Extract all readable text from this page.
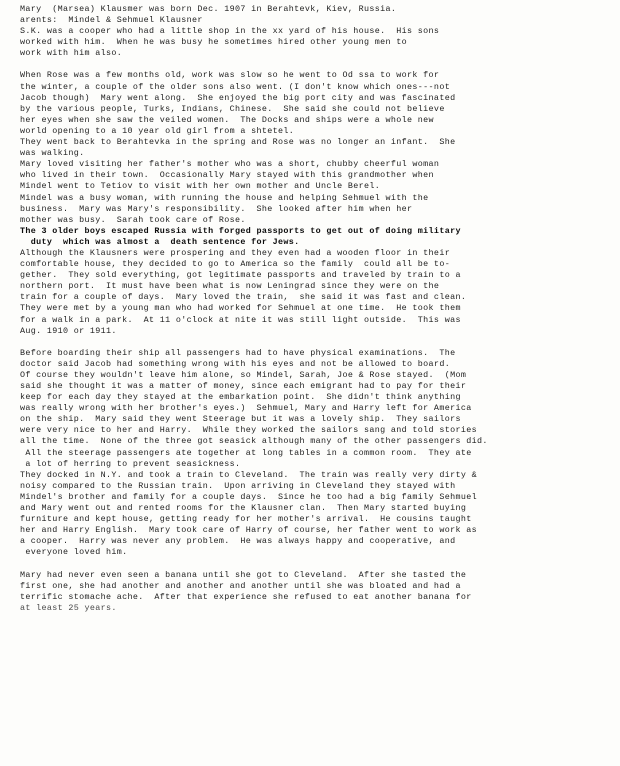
Mary  (Marsea) Klausmer was born Dec. 1907 in Berahtevk, Kiev, Russia.
arents:  Mindel & Sehmuel Klausner
S.K. was a cooper who had a little shop in the xx yard of his house.  His sons
worked with him.  When he was busy he sometimes hired other young men to
work with him also.
When Rose was a few months old, work was slow so he went to Od ssa to work for
the winter, a couple of the older sons also went. (I don't know which ones---not
Jacob though)  Mary went along.  She enjoyed the big port city and was fascinated
by the various people, Turks, Indians, Chinese.  She said she could not believe
her eyes when she saw the veiled women.  The Docks and ships were a whole new
world opening to a 10 year old girl from a shtetel.
They went back to Berahtevka in the spring and Rose was no longer an infant.  She
was walking.
Mary loved visiting her father's mother who was a short, chubby cheerful woman
who lived in their town.  Occasionally Mary stayed with this grandmother when
Mindel went to Tetiov to visit with her own mother and Uncle Berel.
Mindel was a busy woman, with running the house and helping Sehmuel with the
business.  Mary was Mary's responsibility.  She looked after him when her
mother was busy.  Sarah took care of Rose.
The 3 older boys escaped Russia with forged passports to get out of doing military
duty  which was almost a  death sentence for Jews.
Although the Klausners were prospering and they even had a wooden floor in their
comfortable house, they decided to go to America so the family  could all be to-
gether.  They sold everything, got legitimate passports and traveled by train to a
northern port.  It must have been what is now Leningrad since they were on the
train for a couple of days.  Mary loved the train,  she said it was fast and clean.
They were met by a young man who had worked for Sehmuel at one time.  He took them
for a walk in a park.  At 11 o'clock at nite it was still light outside.  This was
Aug. 1910 or 1911.
Before boarding their ship all passengers had to have physical examinations.  The
doctor said Jacob had something wrong with his eyes and not be allowed to board.
Of course they wouldn't leave him alone, so Mindel, Sarah, Joe & Rose stayed.  (Mom
said she thought it was a matter of money, since each emigrant had to pay for their
keep for each day they stayed at the embarkation point.  She didn't think anything
was really wrong with her brother's eyes.)  Sehmuel, Mary and Harry left for America
on the ship.  Mary said they went Steerage but it was a lovely ship.  They sailors
were very nice to her and Harry.  While they worked the sailors sang and told stories
all the time.  None of the three got seasick although many of the other passengers did.
All the steerage passengers ate together at long tables in a common room.  They ate
a lot of herring to prevent seasickness.
They docked in N.Y. and took a train to Cleveland.  The train was really very dirty &
noisy compared to the Russian train.  Upon arriving in Cleveland they stayed with
Mindel's brother and family for a couple days.  Since he too had a big family Sehmuel
and Mary went out and rented rooms for the Klausner clan.  Then Mary started buying
furniture and kept house, getting ready for her mother's arrival.  He cousins taught
her and Harry English.  Mary took care of Harry of course, her father went to work as
a cooper.  Harry was never any problem.  He was always happy and cooperative, and
everyone loved him.
Mary had never even seen a banana until she got to Cleveland.  After she tasted the
first one, she had another and another and another until she was bloated and had a
terrific stomache ache.  After that experience she refused to eat another banana for
at least 25 years.
